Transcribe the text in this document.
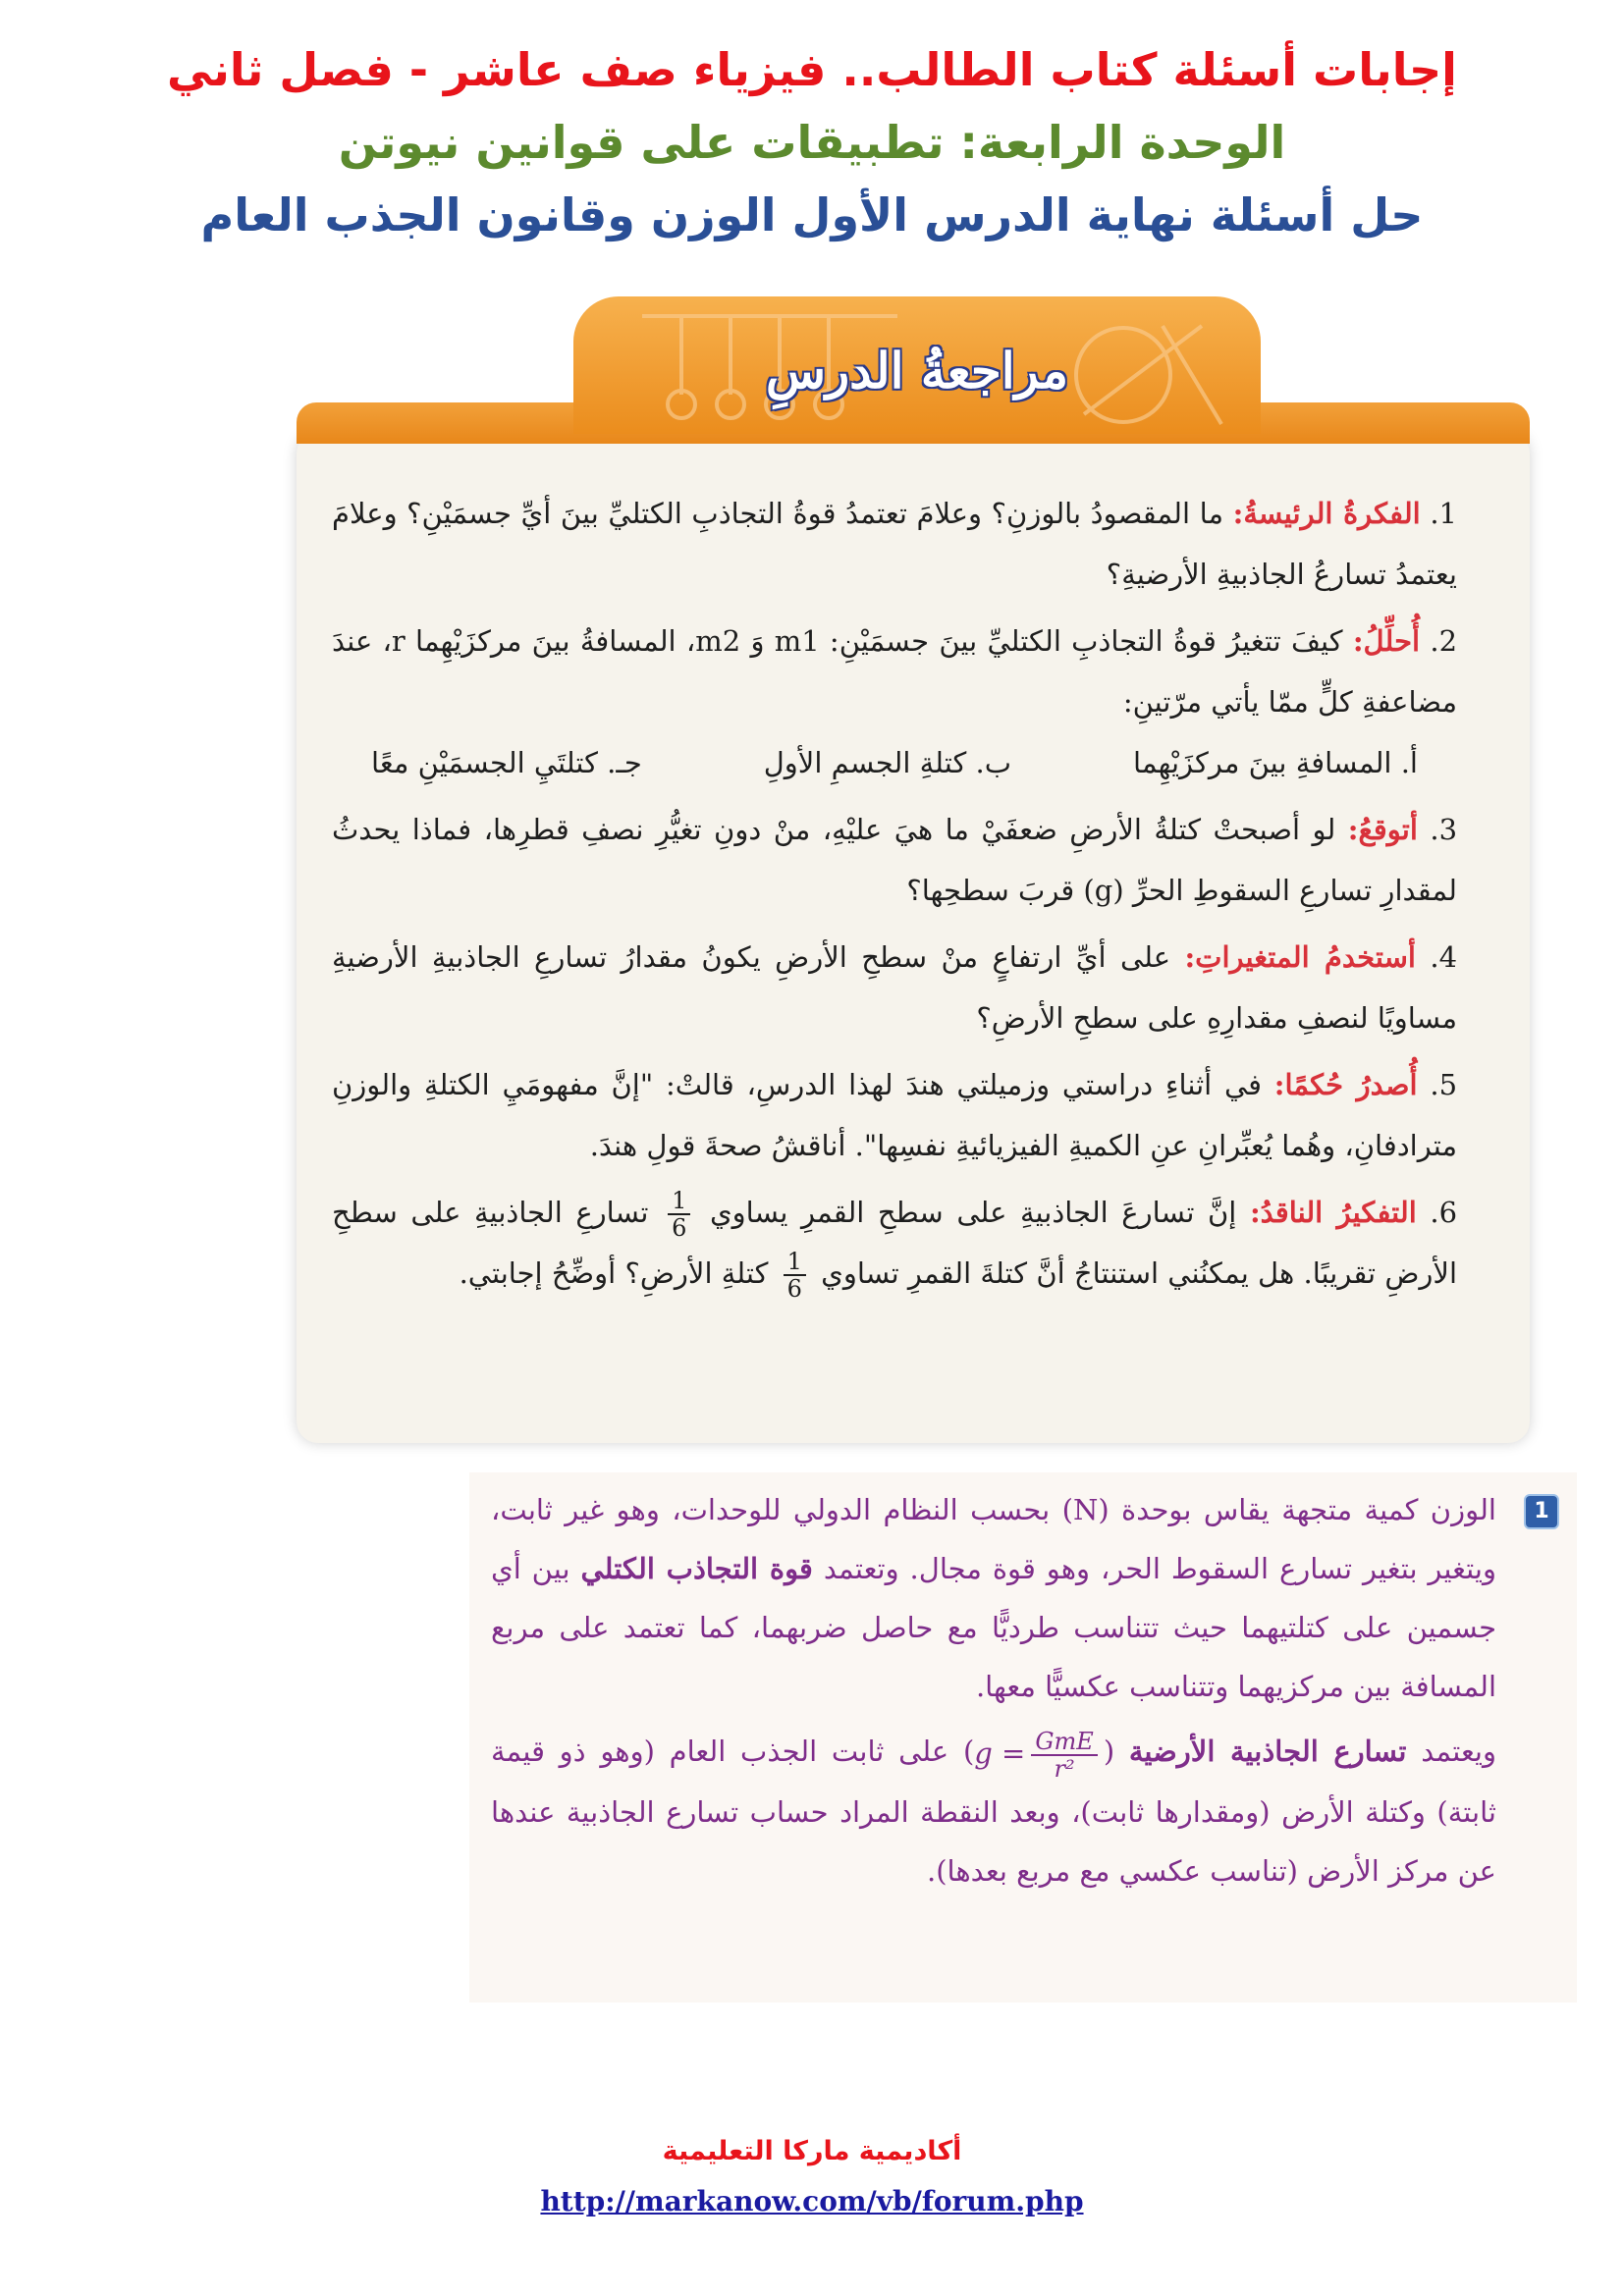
إجابات أسئلة كتاب الطالب.. فيزياء صف عاشر - فصل ثاني
الوحدة الرابعة: تطبيقات على قوانين نيوتن
حل أسئلة نهاية الدرس الأول الوزن وقانون الجذب العام
مراجعةُ الدرسِ
1. الفكرةُ الرئيسةُ: ما المقصودُ بالوزنِ؟ وعلامَ تعتمدُ قوةُ التجاذبِ الكتليِّ بينَ أيِّ جسمَيْنِ؟ وعلامَ يعتمدُ تسارعُ الجاذبيةِ الأرضيةِ؟
2. أُحلِّلُ: كيفَ تتغيرُ قوةُ التجاذبِ الكتليِّ بينَ جسمَيْنِ: m1 وَ m2، المسافةُ بينَ مركزَيْهِما r، عندَ مضاعفةِ كلٍّ ممّا يأتي مرّتينِ:
أ. المسافةِ بينَ مركزَيْهِما
ب. كتلةِ الجسمِ الأولِ
جـ. كتلتَيِ الجسمَيْنِ معًا
3. أتوقعُ: لو أصبحتْ كتلةُ الأرضِ ضعفَيْ ما هيَ عليْهِ، منْ دونِ تغيُّرِ نصفِ قطرِها، فماذا يحدثُ لمقدارِ تسارعِ السقوطِ الحرِّ (g) قربَ سطحِها؟
4. أستخدمُ المتغيراتِ: على أيِّ ارتفاعٍ منْ سطحِ الأرضِ يكونُ مقدارُ تسارعِ الجاذبيةِ الأرضيةِ مساويًا لنصفِ مقدارِهِ على سطحِ الأرضِ؟
5. أُصدرُ حُكمًا: في أثناءِ دراستي وزميلتي هندَ لهذا الدرسِ، قالتْ: "إنَّ مفهومَيِ الكتلةِ والوزنِ مترادفانِ، وهُما يُعبِّرانِ عنِ الكميةِ الفيزيائيةِ نفسِها". أناقشُ صحةَ قولِ هندَ.
6. التفكيرُ الناقدُ: إنَّ تسارعَ الجاذبيةِ على سطحِ القمرِ يساوي
$\frac{1}{6}$
تسارعِ الجاذبيةِ على سطحِ الأرضِ تقريبًا. هل يمكنُني استنتاجُ أنَّ كتلةَ القمرِ تساوي
$\frac{1}{6}$
كتلةِ الأرضِ؟ أوضِّحُ إجابتي.
1
الوزن كمية متجهة يقاس بوحدة (N) بحسب النظام الدولي للوحدات، وهو غير ثابت، ويتغير بتغير تسارع السقوط الحر، وهو قوة مجال. وتعتمد قوة التجاذب الكتلي بين أي جسمين على كتلتيهما حيث تتناسب طرديًّا مع حاصل ضربهما، كما تعتمد على مربع المسافة بين مركزيهما وتتناسب عكسيًّا معها.
ويعتمد تسارع الجاذبية الأرضية ($g = \frac{\text{GmE}}{\text{r²}}$
) على ثابت الجذب العام (وهو ذو قيمة ثابتة) وكتلة الأرض (ومقدارها ثابت)، وبعد النقطة المراد حساب تسارع الجاذبية عندها عن مركز الأرض (تناسب عكسي مع مربع بعدها).
أكاديمية ماركا التعليمية
http://markanow.com/vb/forum.php
